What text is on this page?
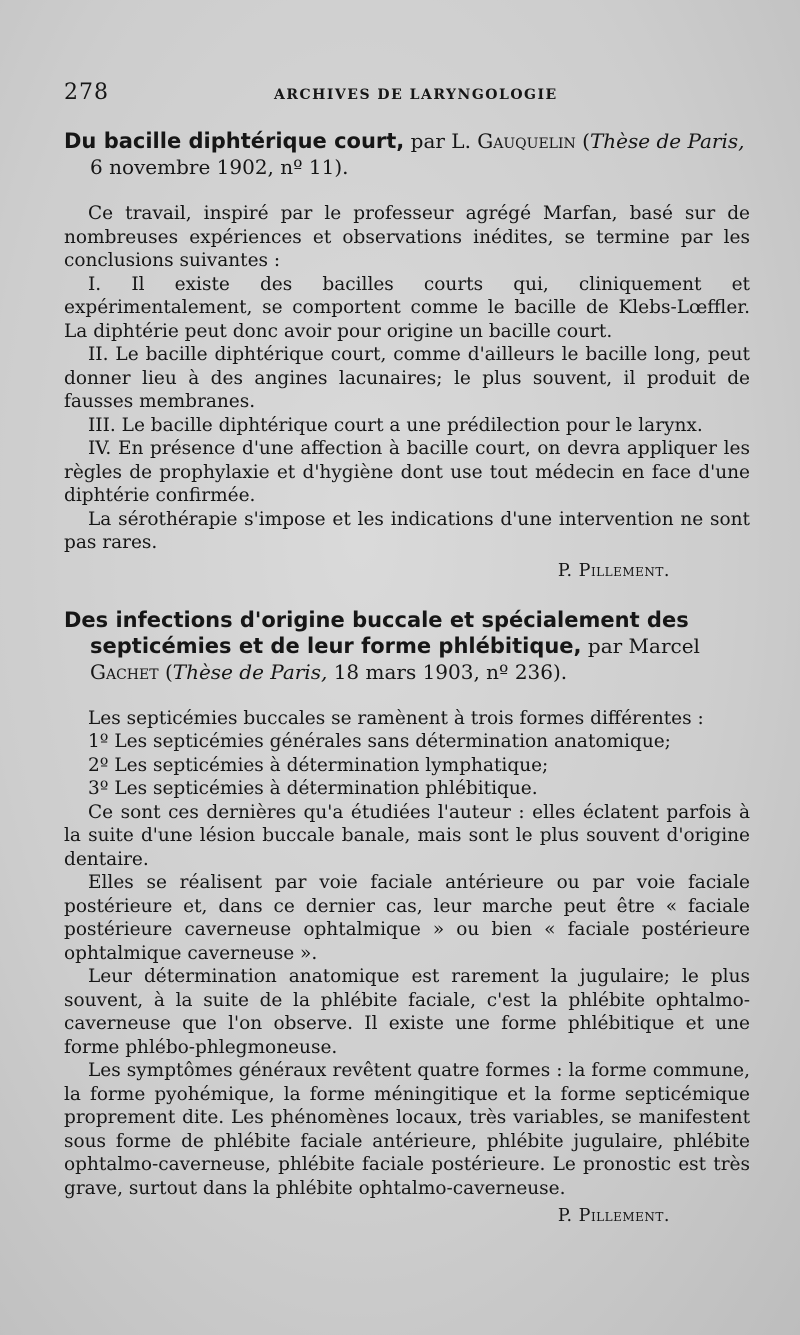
278	ARCHIVES DE LARYNGOLOGIE
Du bacille diphtérique court, par L. Gauquelin (Thèse de Paris, 6 novembre 1902, nº 11).

Ce travail, inspiré par le professeur agrégé Marfan, basé sur de nombreuses expériences et observations inédites, se termine par les conclusions suivantes :

I. Il existe des bacilles courts qui, cliniquement et expérimentalement, se comportent comme le bacille de Klebs-Lœffler. La diphtérie peut donc avoir pour origine un bacille court.

II. Le bacille diphtérique court, comme d'ailleurs le bacille long, peut donner lieu à des angines lacunaires; le plus souvent, il produit de fausses membranes.

III. Le bacille diphtérique court a une prédilection pour le larynx.

IV. En présence d'une affection à bacille court, on devra appliquer les règles de prophylaxie et d'hygiène dont use tout médecin en face d'une diphtérie confirmée.

La sérothérapie s'impose et les indications d'une intervention ne sont pas rares.

P. Pillement.
Des infections d'origine buccale et spécialement des septicémies et de leur forme phlébitique, par Marcel Gachet (Thèse de Paris, 18 mars 1903, nº 236).

Les septicémies buccales se ramènent à trois formes différentes :

1º Les septicémies générales sans détermination anatomique;

2º Les septicémies à détermination lymphatique;

3º Les septicémies à détermination phlébitique.

Ce sont ces dernières qu'a étudiées l'auteur : elles éclatent parfois à la suite d'une lésion buccale banale, mais sont le plus souvent d'origine dentaire.

Elles se réalisent par voie faciale antérieure ou par voie faciale postérieure et, dans ce dernier cas, leur marche peut être « faciale postérieure caverneuse ophtalmique » ou bien « faciale postérieure ophtalmique caverneuse ».

Leur détermination anatomique est rarement la jugulaire; le plus souvent, à la suite de la phlébite faciale, c'est la phlébite ophtalmo-caverneuse que l'on observe. Il existe une forme phlébitique et une forme phlébo-phlegmoneuse.

Les symptômes généraux revêtent quatre formes : la forme commune, la forme pyohémique, la forme méningitique et la forme septicémique proprement dite. Les phénomènes locaux, très variables, se manifestent sous forme de phlébite faciale antérieure, phlébite jugulaire, phlébite ophtalmo-caverneuse, phlébite faciale postérieure. Le pronostic est très grave, surtout dans la phlébite ophtalmo-caverneuse.

P. Pillement.
